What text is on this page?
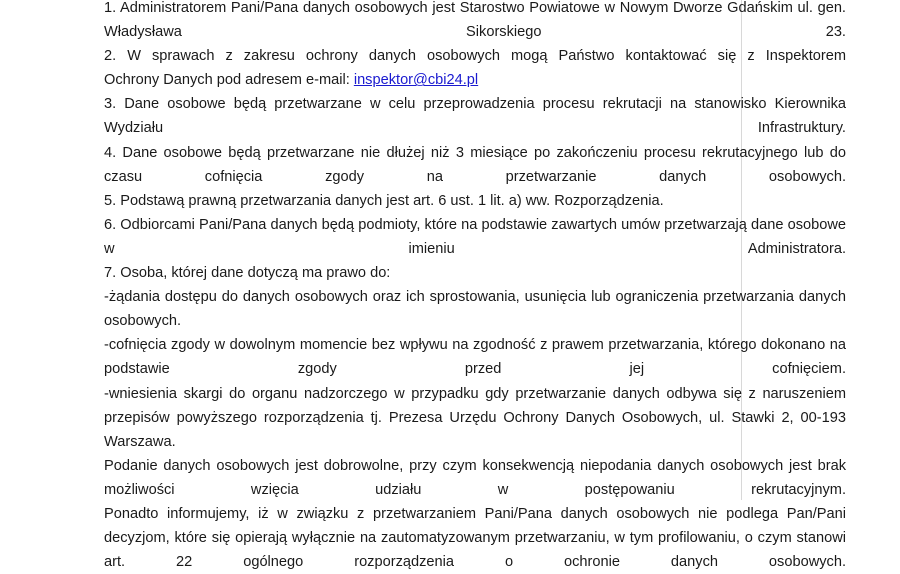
1. Administratorem Pani/Pana danych osobowych jest Starostwo Powiatowe w Nowym Dworze Gdańskim ul. gen. Władysława Sikorskiego 23.

2. W sprawach z zakresu ochrony danych osobowych mogą Państwo kontaktować się z Inspektorem

Ochrony Danych pod adresem e-mail: inspektor@cbi24.pl

3. Dane osobowe będą przetwarzane w celu przeprowadzenia procesu rekrutacji na stanowisko Kierownika Wydziału Infrastruktury.

4. Dane osobowe będą przetwarzane nie dłużej niż 3 miesiące po zakończeniu procesu rekrutacyjnego lub do czasu cofnięcia zgody na przetwarzanie danych osobowych.

5. Podstawą prawną przetwarzania danych jest art. 6 ust. 1 lit. a) ww. Rozporządzenia.

6. Odbiorcami Pani/Pana danych będą podmioty, które na podstawie zawartych umów przetwarzają dane osobowe w imieniu Administratora.

7. Osoba, której dane dotyczą ma prawo do:

-żądania dostępu do danych osobowych oraz ich sprostowania, usunięcia lub ograniczenia przetwarzania danych osobowych.

-cofnięcia zgody w dowolnym momencie bez wpływu na zgodność z prawem przetwarzania, którego dokonano na podstawie zgody przed jej cofnięciem.

-wniesienia skargi do organu nadzorczego w przypadku gdy przetwarzanie danych odbywa się z naruszeniem przepisów powyższego rozporządzenia tj. Prezesa Urzędu Ochrony Danych Osobowych, ul. Stawki 2, 00-193 Warszawa.

Podanie danych osobowych jest dobrowolne, przy czym konsekwencją niepodania danych osobowych jest brak możliwości wzięcia udziału w postępowaniu rekrutacyjnym.

Ponadto informujemy, iż w związku z przetwarzaniem Pani/Pana danych osobowych nie podlega Pan/Pani decyzjom, które się opierają wyłącznie na zautomatyzowanym przetwarzaniu, w tym profilowaniu, o czym stanowi art. 22 ogólnego rozporządzenia o ochronie danych osobowych.
